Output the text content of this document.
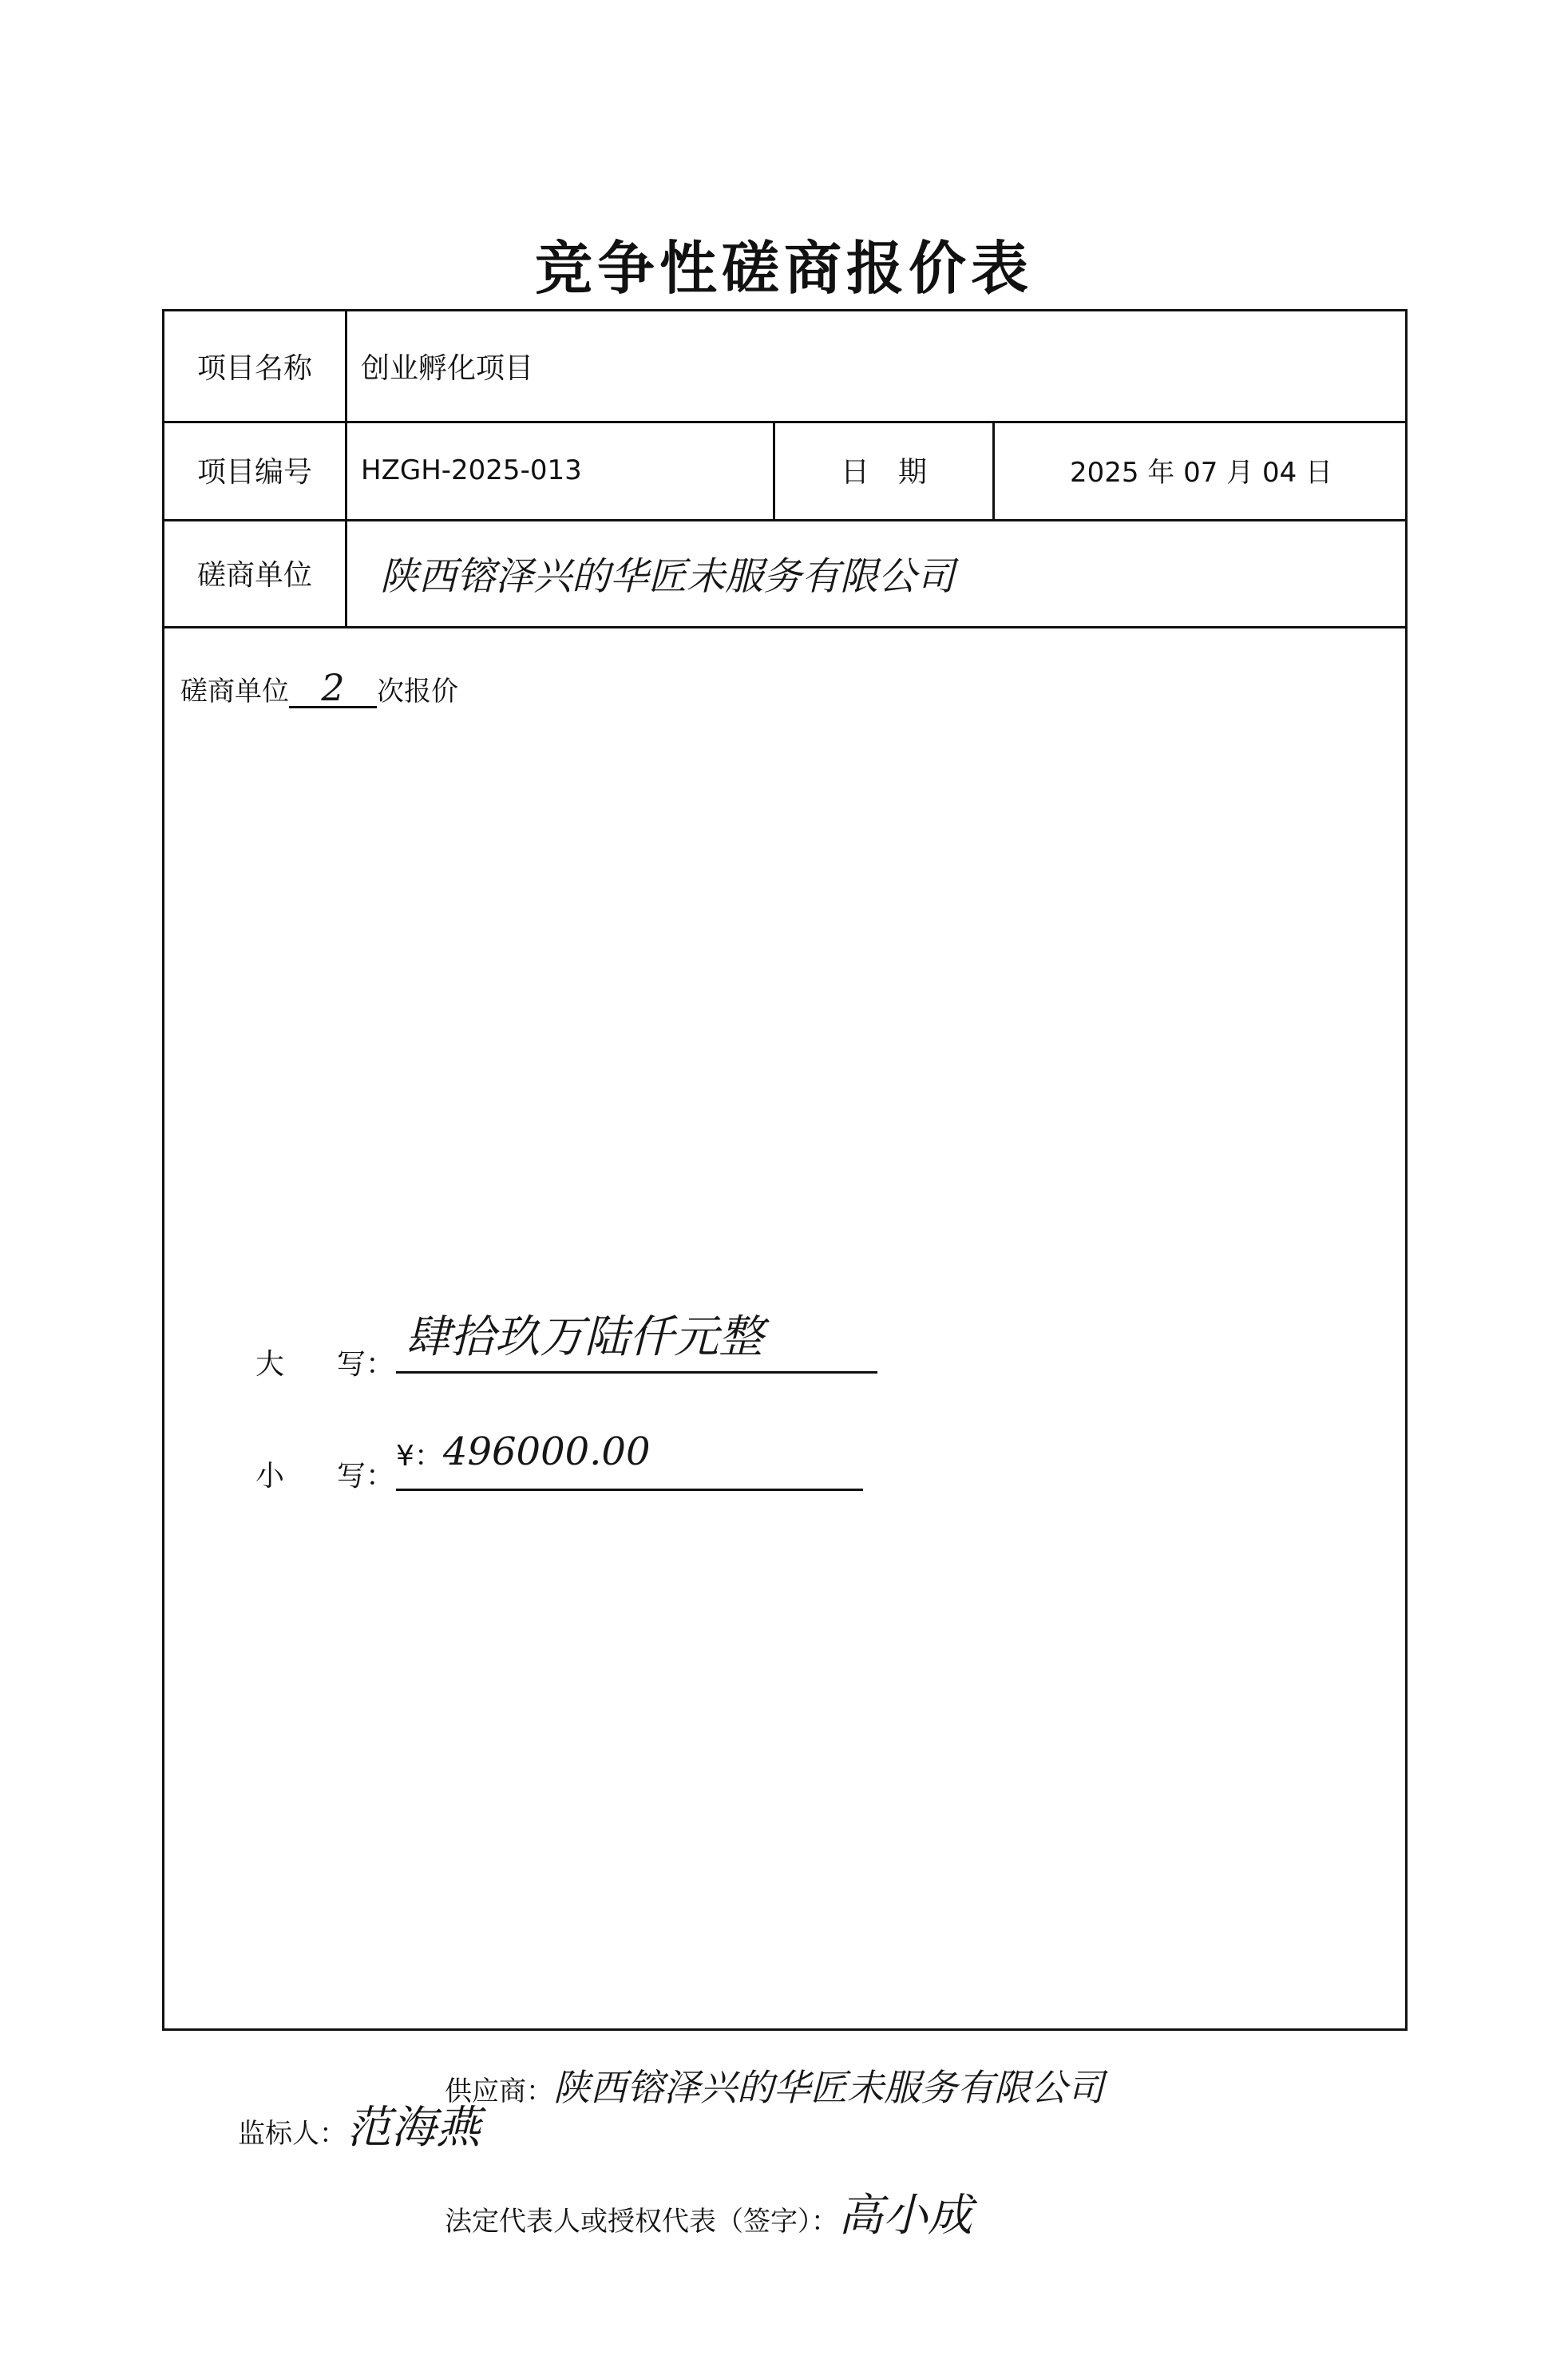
竞争性磋商报价表
项目名称	创业孵化项目
项目编号	HZGH-2025-013	日　期	2025 年 07 月 04 日
磋商单位	陕西镕泽兴的华匠未服务有限公司
磋商单位 2 次报价
大 写：
肆拾玖万陆仟元整
小 写：
¥：496000.00
供应商：陕西镕泽兴的华匠未服务有限公司
法定代表人或授权代表（签字）：高小成
监标人：范海燕
